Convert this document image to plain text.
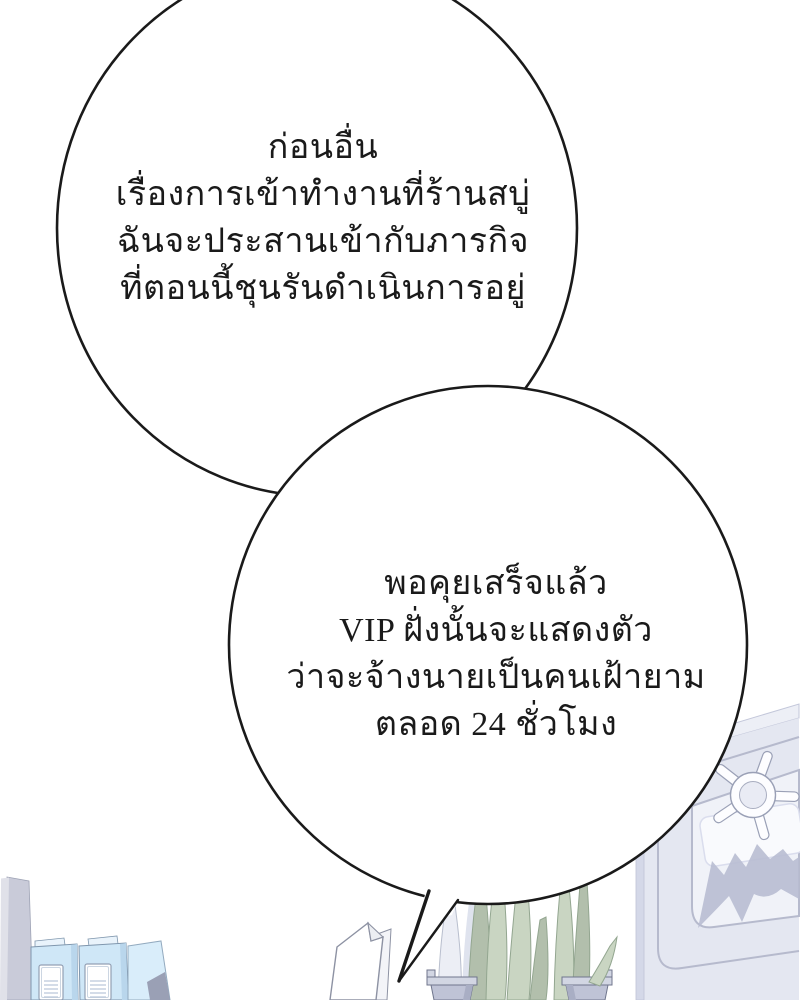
ก่อนอื่น
เรื่องการเข้าทำงานที่ร้านสบู่
ฉันจะประสานเข้ากับภารกิจ
ที่ตอนนี้ชุนรันดำเนินการอยู่
พอคุยเสร็จแล้ว
VIP ฝั่งนั้นจะแสดงตัว
ว่าจะจ้างนายเป็นคนเฝ้ายาม
ตลอด 24 ชั่วโมง
